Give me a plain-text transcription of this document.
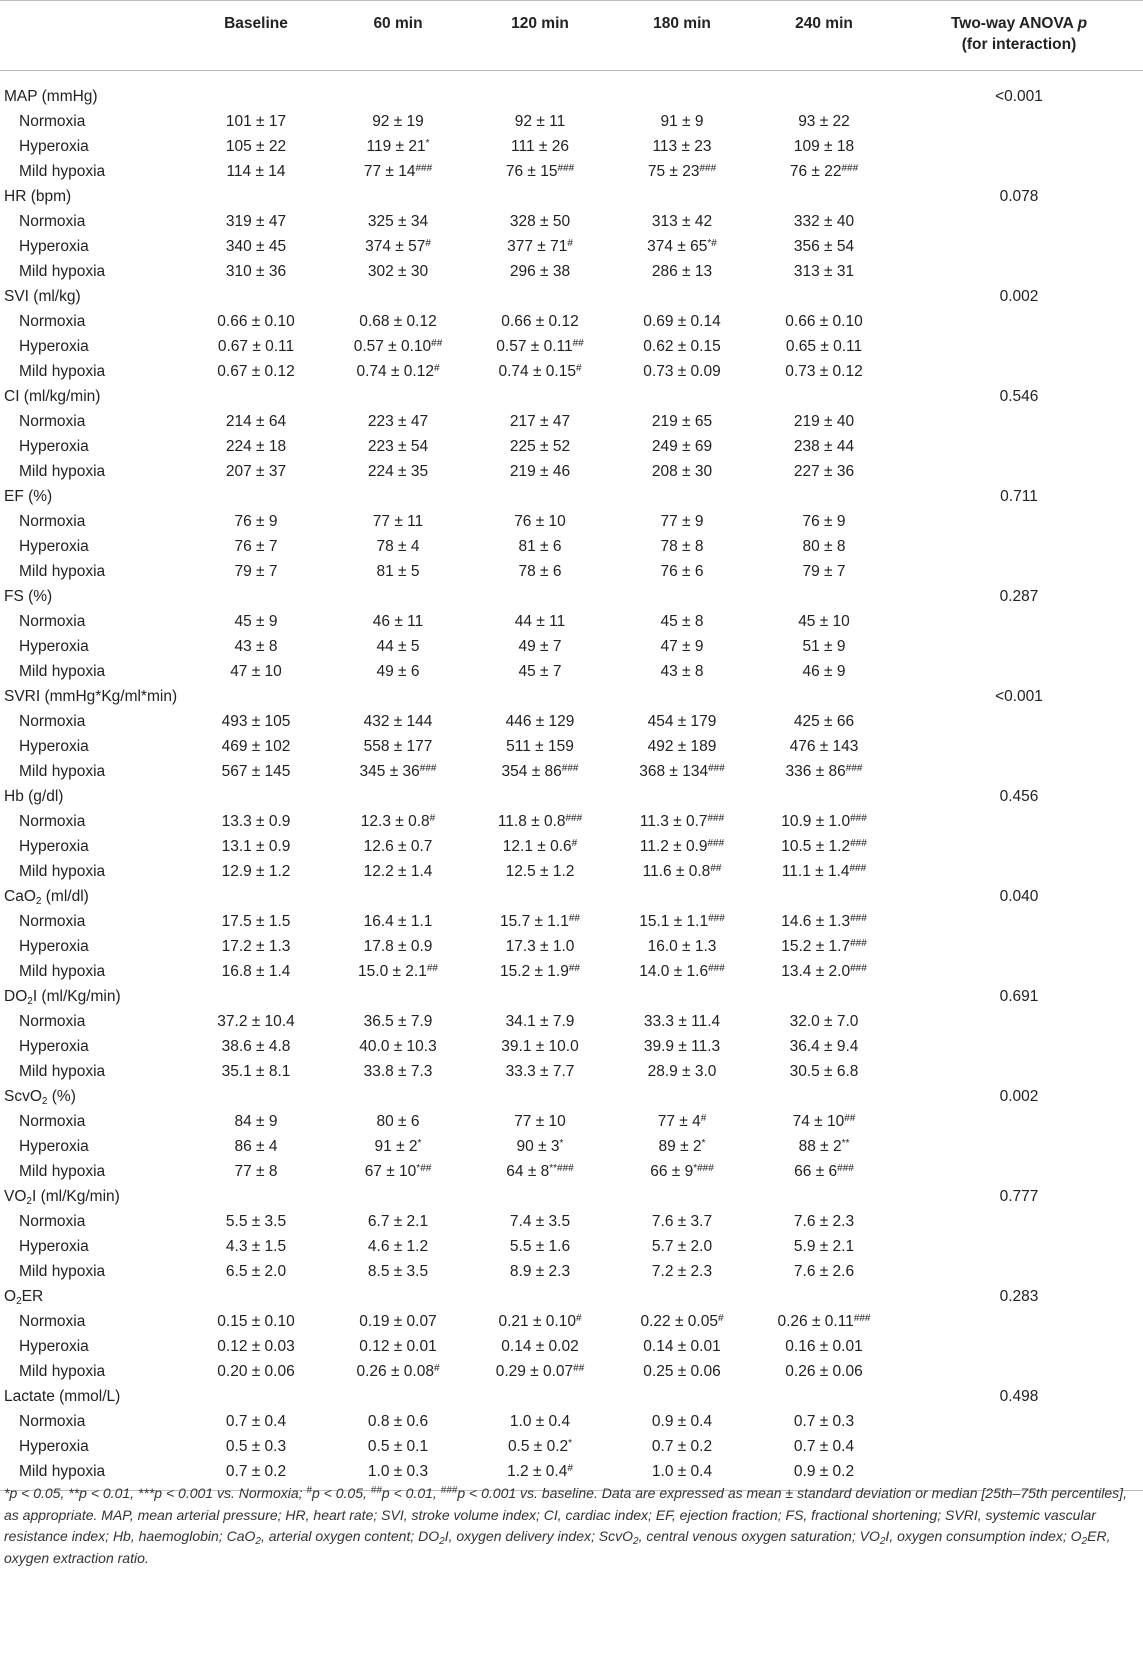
	Baseline	60 min	120 min	180 min	240 min	Two-way ANOVA p
(for interaction)
MAP (mmHg)						<0.001
Normoxia	101 ± 17	92 ± 19	92 ± 11	91 ± 9	93 ± 22	
Hyperoxia	105 ± 22	119 ± 21*	111 ± 26	113 ± 23	109 ± 18	
Mild hypoxia	114 ± 14	77 ± 14###	76 ± 15###	75 ± 23###	76 ± 22###	
HR (bpm)						0.078
Normoxia	319 ± 47	325 ± 34	328 ± 50	313 ± 42	332 ± 40	
Hyperoxia	340 ± 45	374 ± 57#	377 ± 71#	374 ± 65*#	356 ± 54	
Mild hypoxia	310 ± 36	302 ± 30	296 ± 38	286 ± 13	313 ± 31	
SVI (ml/kg)						0.002
Normoxia	0.66 ± 0.10	0.68 ± 0.12	0.66 ± 0.12	0.69 ± 0.14	0.66 ± 0.10	
Hyperoxia	0.67 ± 0.11	0.57 ± 0.10##	0.57 ± 0.11##	0.62 ± 0.15	0.65 ± 0.11	
Mild hypoxia	0.67 ± 0.12	0.74 ± 0.12#	0.74 ± 0.15#	0.73 ± 0.09	0.73 ± 0.12	
CI (ml/kg/min)						0.546
Normoxia	214 ± 64	223 ± 47	217 ± 47	219 ± 65	219 ± 40	
Hyperoxia	224 ± 18	223 ± 54	225 ± 52	249 ± 69	238 ± 44	
Mild hypoxia	207 ± 37	224 ± 35	219 ± 46	208 ± 30	227 ± 36	
EF (%)						0.711
Normoxia	76 ± 9	77 ± 11	76 ± 10	77 ± 9	76 ± 9	
Hyperoxia	76 ± 7	78 ± 4	81 ± 6	78 ± 8	80 ± 8	
Mild hypoxia	79 ± 7	81 ± 5	78 ± 6	76 ± 6	79 ± 7	
FS (%)						0.287
Normoxia	45 ± 9	46 ± 11	44 ± 11	45 ± 8	45 ± 10	
Hyperoxia	43 ± 8	44 ± 5	49 ± 7	47 ± 9	51 ± 9	
Mild hypoxia	47 ± 10	49 ± 6	45 ± 7	43 ± 8	46 ± 9	
SVRI (mmHg*Kg/ml*min)						<0.001
Normoxia	493 ± 105	432 ± 144	446 ± 129	454 ± 179	425 ± 66	
Hyperoxia	469 ± 102	558 ± 177	511 ± 159	492 ± 189	476 ± 143	
Mild hypoxia	567 ± 145	345 ± 36###	354 ± 86###	368 ± 134###	336 ± 86###	
Hb (g/dl)						0.456
Normoxia	13.3 ± 0.9	12.3 ± 0.8#	11.8 ± 0.8###	11.3 ± 0.7###	10.9 ± 1.0###	
Hyperoxia	13.1 ± 0.9	12.6 ± 0.7	12.1 ± 0.6#	11.2 ± 0.9###	10.5 ± 1.2###	
Mild hypoxia	12.9 ± 1.2	12.2 ± 1.4	12.5 ± 1.2	11.6 ± 0.8##	11.1 ± 1.4###	
CaO$_2$ (ml/dl)						0.040
Normoxia	17.5 ± 1.5	16.4 ± 1.1	15.7 ± 1.1##	15.1 ± 1.1###	14.6 ± 1.3###	
Hyperoxia	17.2 ± 1.3	17.8 ± 0.9	17.3 ± 1.0	16.0 ± 1.3	15.2 ± 1.7###	
Mild hypoxia	16.8 ± 1.4	15.0 ± 2.1##	15.2 ± 1.9##	14.0 ± 1.6###	13.4 ± 2.0###	
$DO_2I$ (ml/Kg/min)						0.691
Normoxia	37.2 ± 10.4	36.5 ± 7.9	34.1 ± 7.9	33.3 ± 11.4	32.0 ± 7.0	
Hyperoxia	38.6 ± 4.8	40.0 ± 10.3	39.1 ± 10.0	39.9 ± 11.3	36.4 ± 9.4	
Mild hypoxia	35.1 ± 8.1	33.8 ± 7.3	33.3 ± 7.7	28.9 ± 3.0	30.5 ± 6.8	
ScvO$_2$ (%)						0.002
Normoxia	84 ± 9	80 ± 6	77 ± 10	77 ± 4#	74 ± 10##	
Hyperoxia	86 ± 4	91 ± 2*	90 ± 3*	89 ± 2*	88 ± 2**	
Mild hypoxia	77 ± 8	67 ± 10*##	64 ± 8**###	66 ± 9*###	66 ± 6###	
$VO_2I$ (ml/Kg/min)						0.777
Normoxia	5.5 ± 3.5	6.7 ± 2.1	7.4 ± 3.5	7.6 ± 3.7	7.6 ± 2.3	
Hyperoxia	4.3 ± 1.5	4.6 ± 1.2	5.5 ± 1.6	5.7 ± 2.0	5.9 ± 2.1	
Mild hypoxia	6.5 ± 2.0	8.5 ± 3.5	8.9 ± 2.3	7.2 ± 2.3	7.6 ± 2.6	
$O_2ER$						0.283
Normoxia	0.15 ± 0.10	0.19 ± 0.07	0.21 ± 0.10#	0.22 ± 0.05#	0.26 ± 0.11###	
Hyperoxia	0.12 ± 0.03	0.12 ± 0.01	0.14 ± 0.02	0.14 ± 0.01	0.16 ± 0.01	
Mild hypoxia	0.20 ± 0.06	0.26 ± 0.08#	0.29 ± 0.07##	0.25 ± 0.06	0.26 ± 0.06	
Lactate (mmol/L)						0.498
Normoxia	0.7 ± 0.4	0.8 ± 0.6	1.0 ± 0.4	0.9 ± 0.4	0.7 ± 0.3	
Hyperoxia	0.5 ± 0.3	0.5 ± 0.1	0.5 ± 0.2*	0.7 ± 0.2	0.7 ± 0.4	
Mild hypoxia	0.7 ± 0.2	1.0 ± 0.3	1.2 ± 0.4#	1.0 ± 0.4	0.9 ± 0.2	
*p < 0.05, **p < 0.01, ***p < 0.001 vs. Normoxia; #p < 0.05, ##p < 0.01, ###p < 0.001 vs. baseline. Data are expressed as mean ± standard deviation or median [25th–75th percentiles], as appropriate. MAP, mean arterial pressure; HR, heart rate; SVI, stroke volume index; CI, cardiac index; EF, ejection fraction; FS, fractional shortening; SVRI, systemic vascular resistance index; Hb, haemoglobin; CaO$_2$, arterial oxygen content; $DO_2I$, oxygen delivery index; ScvO$_2$, central venous oxygen saturation; $VO_2I$, oxygen consumption index; $O_2ER$, oxygen extraction ratio.
